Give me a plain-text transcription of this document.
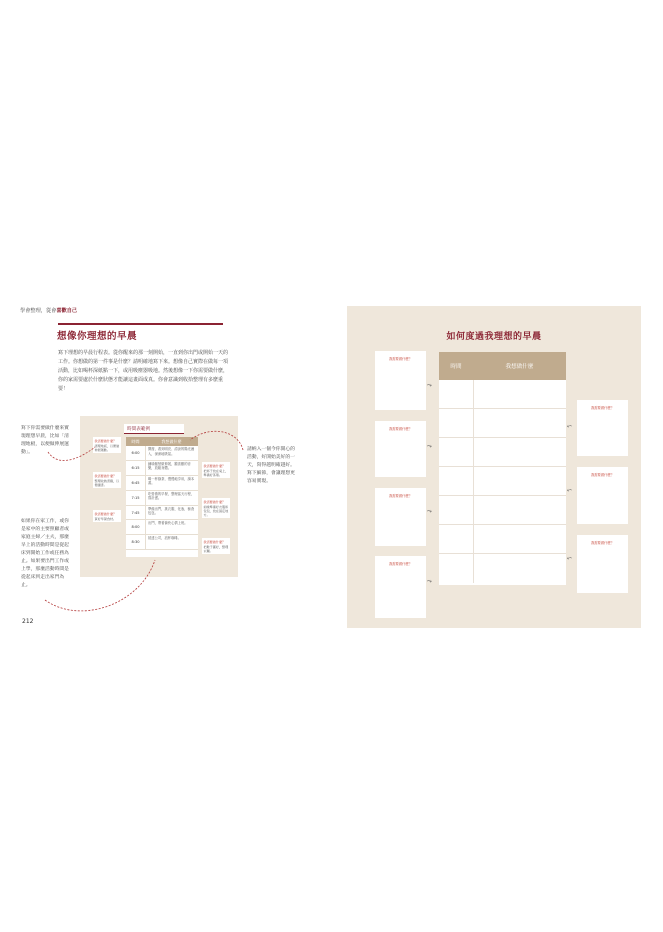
學會整理，從會喜歡自己
想像你理想的早晨
寫下理想的早晨行程表。從你醒來的那一刻開始，一直到你出門或開始一天的工作。你想做的第一件事是什麼？請明確地寫下來。想像自己實際在做每一項活動，比如喝杯深紙點一下，或用吸塵器吸地。然後想像一下你需要做什麼，你的家需要處於什麼狀態才能讓這畫面成真。你會意識到收拾整理有多麼重要！
寫下你需要做什麼來實現理想早晨，比如「清理地板，以便做伸展運動」。
請納入一個今你開心的活動，好開始美好的一天，寫得越明確越好。寫下細節，會讓理想更容易實現。
如果你在家工作，或你是家中的主要照顧者或家庭主婦／主夫，那麼早上的活動時間是從起床到開始工作或任務為止。如果要出門工作或上學，那麼活動時間是從起床到走出家門為止。
時間表範例
時間	我想做什麼
6:00
開窗，看到明亮、清涼的陽光灑入，深深地吸氣。
6:15
鋪瑜伽墊做伸展，聽喜歡的音樂，放鬆身體。
6:45
喝一杯綠茶，慢慢地享用，讀本書。
7:15
吃營養的早餐，整理當天行程，寫計畫。
7:45
準備出門，挑衣服、化妝，檢查包包。
8:00
出門，帶著愉快心情上班。
8:30
抵達公司，泡杯咖啡。
我需要做什麼？
清理地板，以便做伸展運動。
我需要做什麼？
整理收納書籍，以便讀書。
我需要做什麼？
買好早餐食材。
我需要做什麼？
把杯子放在桌上，準備好茶葉。
我需要做什麼？
前晚準備好衣服和包包，放在固定地方。
我需要做什麼？
把鞋子擺好，整理玄關。
212
如何度過我理想的早晨
時間	我想做什麼
我需要做什麼？
我需要做什麼？
我需要做什麼？
我需要做什麼？
我需要做什麼？
我需要做什麼？
我需要做什麼？
⤳
⤳
⤳
⤳
⬿
⬿
⬿
